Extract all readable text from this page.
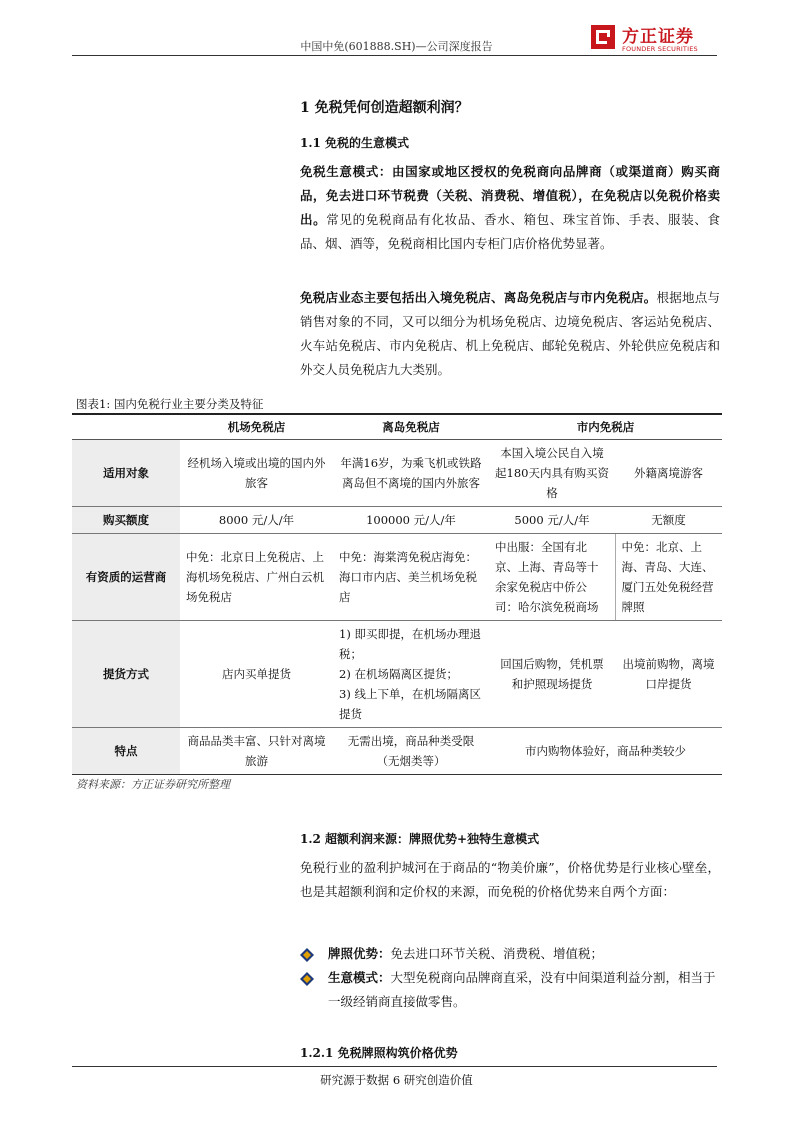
中国中免(601888.SH)—公司深度报告	方正证券
FOUNDER SECURITIES
1 免税凭何创造超额利润？
1.1 免税的生意模式
免税生意模式：由国家或地区授权的免税商向品牌商（或渠道商）购买商品，免去进口环节税费（关税、消费税、增值税），在免税店以免税价格卖出。常见的免税商品有化妆品、香水、箱包、珠宝首饰、手表、服装、食品、烟、酒等，免税商相比国内专柜门店价格优势显著。
免税店业态主要包括出入境免税店、离岛免税店与市内免税店。根据地点与销售对象的不同，又可以细分为机场免税店、边境免税店、客运站免税店、火车站免税店、市内免税店、机上免税店、邮轮免税店、外轮供应免税店和外交人员免税店九大类别。
图表1: 国内免税行业主要分类及特征
	机场免税店	离岛免税店	市内免税店	
适用对象	经机场入境或出境的国内外旅客	年满16岁，为乘飞机或铁路离岛但不离境的国内外旅客	本国入境公民自入境起180天内具有购买资格	外籍离境游客
购买额度	8000 元/人/年	100000 元/人/年	5000 元/人/年	无额度
有资质的运营商	中免：北京日上免税店、上海机场免税店、广州白云机场免税店	中免：海棠湾免税店海免：海口市内店、美兰机场免税店	中出服：全国有北京、上海、青岛等十余家免税店中侨公司：哈尔滨免税商场	中免：北京、上海、青岛、大连、厦门五处免税经营牌照
提货方式	店内买单提货	1) 即买即提，在机场办理退税；
2) 在机场隔离区提货；
3) 线上下单，在机场隔离区提货	回国后购物，凭机票和护照现场提货	出境前购物，离境口岸提货
特点	商品品类丰富、只针对离境旅游	无需出境，商品种类受限（无烟类等）	市内购物体验好，商品种类较少	
资料来源：方正证券研究所整理
1.2 超额利润来源：牌照优势+独特生意模式
免税行业的盈利护城河在于商品的“物美价廉”，价格优势是行业核心壁垒，也是其超额利润和定价权的来源，而免税的价格优势来自两个方面：
牌照优势：免去进口环节关税、消费税、增值税；
生意模式：大型免税商向品牌商直采，没有中间渠道利益分割，相当于一级经销商直接做零售。
1.2.1 免税牌照构筑价格优势
研究源于数据 6 研究创造价值
